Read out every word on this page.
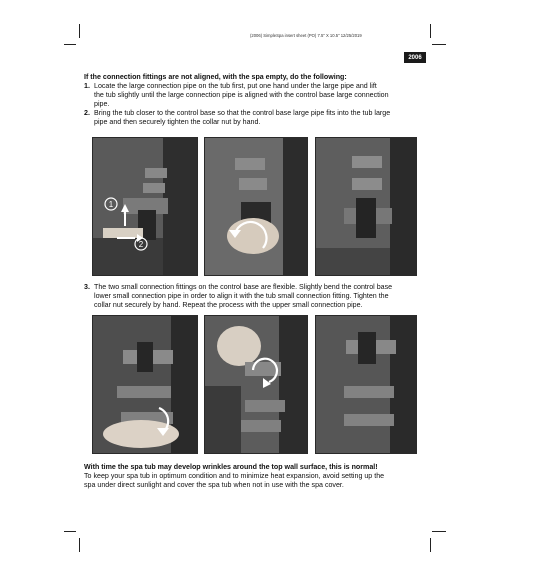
(2006) SimpleSpa insert sheet (PO) 7.5" X 10.5" 12/25/2019
2006
If the connection fittings are not aligned, with the spa empty, do the following:
1. Locate the large connection pipe on the tub first, put one hand under the large pipe and lift
the tub slightly until the large connection pipe is aligned with the control base large connection
pipe.
2. Bring the tub closer to the control base so that the control base large pipe fits into the tub large
pipe and then securely tighten the collar nut by hand.
1
2
3. The two small connection fittings on the control base are flexible. Slightly bend the control base
lower small connection pipe in order to align it with the tub small connection fitting. Tighten the
collar nut securely by hand. Repeat the process with the upper small connection pipe.
With time the spa tub may develop wrinkles around the top wall surface, this is normal!
To keep your spa tub in optimum condition and to minimize heat expansion, avoid setting up the
spa under direct sunlight and cover the spa tub when not in use with the spa cover.
